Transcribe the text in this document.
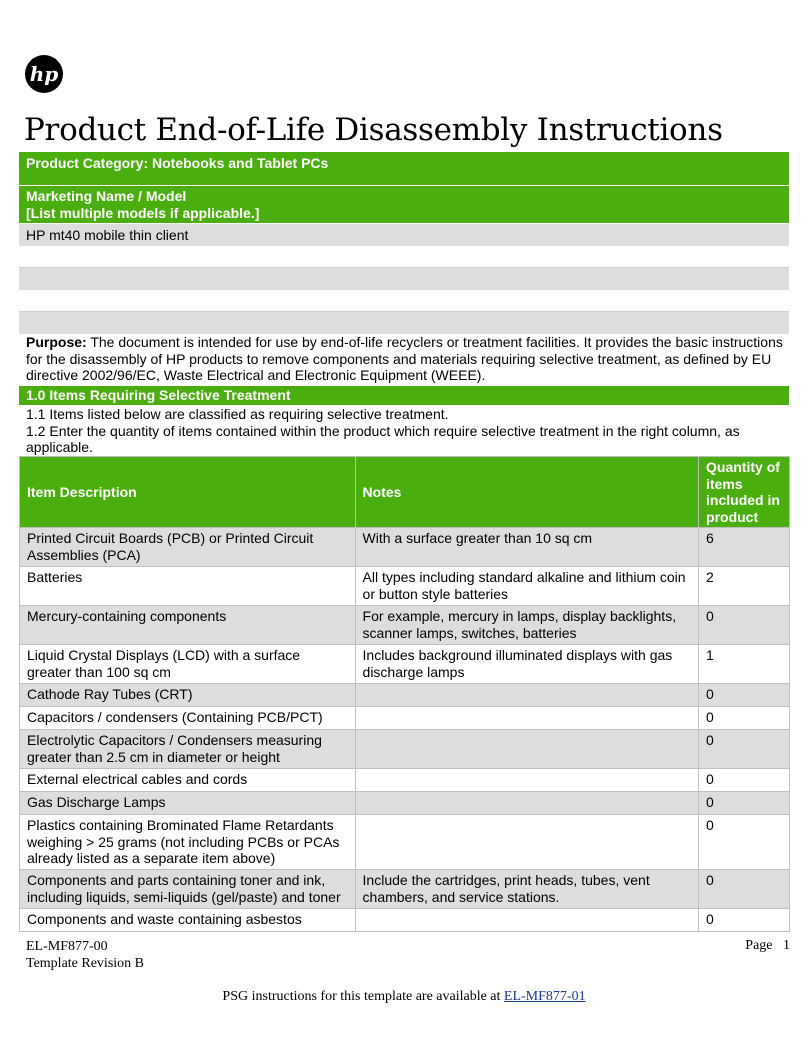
hp
Product End-of-Life Disassembly Instructions
Product Category: Notebooks and Tablet PCs
Marketing Name / Model
[List multiple models if applicable.]
HP mt40 mobile thin client
Purpose: The document is intended for use by end-of-life recyclers or treatment facilities. It provides the basic instructions for the disassembly of HP products to remove components and materials requiring selective treatment, as defined by EU directive 2002/96/EC, Waste Electrical and Electronic Equipment (WEEE).
1.0 Items Requiring Selective Treatment
1.1 Items listed below are classified as requiring selective treatment.
1.2 Enter the quantity of items contained within the product which require selective treatment in the right column, as applicable.
Item Description	Notes	Quantity of items included in product
Printed Circuit Boards (PCB) or Printed Circuit Assemblies (PCA)	With a surface greater than 10 sq cm	6
Batteries	All types including standard alkaline and lithium coin or button style batteries	2
Mercury-containing components	For example, mercury in lamps, display backlights, scanner lamps, switches, batteries	0
Liquid Crystal Displays (LCD) with a surface greater than 100 sq cm	Includes background illuminated displays with gas discharge lamps	1
Cathode Ray Tubes (CRT)		0
Capacitors / condensers (Containing PCB/PCT)		0
Electrolytic Capacitors / Condensers measuring greater than 2.5 cm in diameter or height		0
External electrical cables and cords		0
Gas Discharge Lamps		0
Plastics containing Brominated Flame Retardants weighing > 25 grams (not including PCBs or PCAs already listed as a separate item above)		0
Components and parts containing toner and ink, including liquids, semi-liquids (gel/paste) and toner	Include the cartridges, print heads, tubes, vent chambers, and service stations.	0
Components and waste containing asbestos		0
EL-MF877-00
Template Revision B
Page 1
PSG instructions for this template are available at EL-MF877-01
